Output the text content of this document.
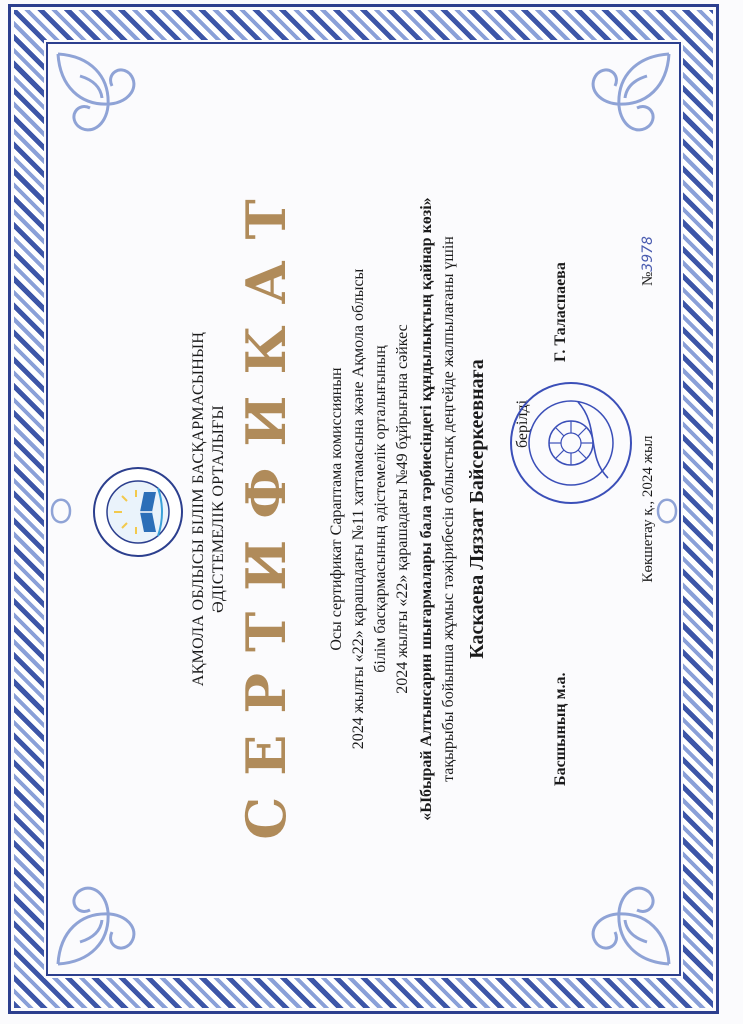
АҚМОЛА ОБЛЫСЫ БІЛІМ БАСҚАРМАСЫНЫҢ ӘДІСТЕМЕЛІК ОРТАЛЫҒЫ СЕРТИФИКАТ Осы сертификат Сараптама комиссиянын 2024 жылғы «22» қарашадағы №11 хаттамасына және Ақмола облысы білім басқармасының әдістемелік орталығының 2024 жылғы «22» қарашадағы №49 бұйрығына сәйкес «Ыбырай Алтынсарин шығармалары бала тәрбиесіндегі құндылықтың қайнар көзі» тақырыбы бойынша жұмыс тәжірибесін облыстық деңгейде жалпылағаны үшін Каскаева Ляззат Байсеркеевнаға берілді
Басшының м.а.
Г. Таласпаева
Көкшетау қ., 2024 жыл
№3978
